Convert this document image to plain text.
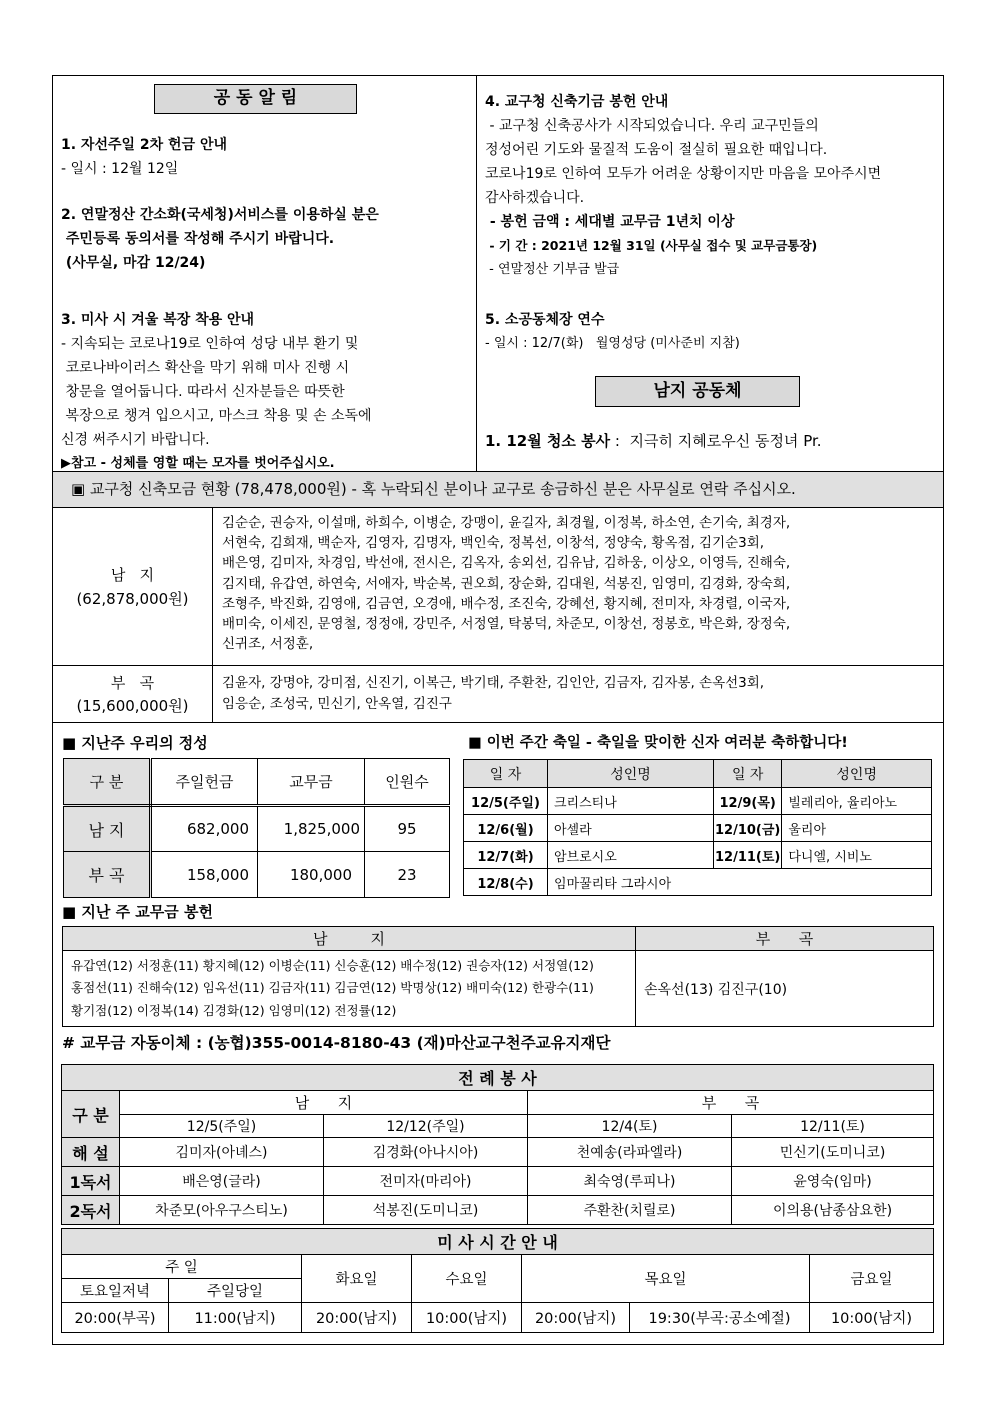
공 동 알 림
1. 자선주일 2차 헌금 안내
- 일시 : 12월 12일
2. 연말정산 간소화(국세청)서비스를 이용하실 분은
주민등록 동의서를 작성해 주시기 바랍니다.
(사무실, 마감 12/24)
3. 미사 시 겨울 복장 착용 안내
- 지속되는 코로나19로 인하여 성당 내부 환기 및
코로나바이러스 확산을 막기 위해 미사 진행 시
창문을 열어둡니다. 따라서 신자분들은 따뜻한
복장으로 챙겨 입으시고, 마스크 착용 및 손 소독에
신경 써주시기 바랍니다.
▶참고 - 성체를 영할 때는 모자를 벗어주십시오.
4. 교구청 신축기금 봉헌 안내
- 교구청 신축공사가 시작되었습니다. 우리 교구민들의
정성어린 기도와 물질적 도움이 절실히 필요한 때입니다.
코로나19로 인하여 모두가 어려운 상황이지만 마음을 모아주시면
감사하겠습니다.
- 봉헌 금액 : 세대별 교무금 1년치 이상
- 기 간 : 2021년 12월 31일 (사무실 접수 및 교무금통장)
- 연말정산 기부금 발급
5. 소공동체장 연수
- 일시 : 12/7(화)   월영성당 (미사준비 지참)
남지 공동체
1. 12월 청소 봉사 :  지극히 지혜로우신 동정녀 Pr.
▣ 교구청 신축모금 현황 (78,478,000원) - 혹 누락되신 분이나 교구로 송금하신 분은 사무실로 연락 주십시오.
남   지
(62,878,000원)
김순순, 권승자, 이설매, 하희수, 이병순, 강맹이, 윤길자, 최경월, 이정복, 하소연, 손기숙, 최경자,
서현숙, 김희재, 백순자, 김영자, 김명자, 백인숙, 정복선, 이창석, 정양숙, 황옥점, 김기순3회,
배은영, 김미자, 차경임, 박선애, 전시은, 김옥자, 송외선, 김유남, 김하웅, 이상오, 이영득, 진해숙,
김지태, 유갑연, 하연숙, 서애자, 박순복, 권오희, 장순화, 김대원, 석봉진, 임영미, 김경화, 장숙희,
조형주, 박진화, 김영애, 김금연, 오경애, 배수정, 조진숙, 강혜선, 황지혜, 전미자, 차경렬, 이국자,
배미숙, 이세진, 문영철, 정정애, 강민주, 서정열, 탁봉덕, 차준모, 이창선, 정봉호, 박은화, 장정숙,
신귀조, 서정훈,
부   곡
(15,600,000원)
김윤자, 강명야, 강미점, 신진기, 이복근, 박기태, 주환찬, 김인안, 김금자, 김자봉, 손옥선3회,
임응순, 조성국, 민신기, 안옥열, 김진구
■ 지난주 우리의 정성
구 분	주일헌금	교무금	인원수
남 지	682,000	1,825,000	95
부 곡	158,000	180,000	23
■ 이번 주간 축일 - 축일을 맞이한 신자 여러분 축하합니다!
일 자	성인명	일 자	성인명
12/5(주일)	크리스티나	12/9(목)	빌레리아, 율리아노
12/6(월)	아셀라	12/10(금)	울리아
12/7(화)	암브로시오	12/11(토)	다니엘, 시비노
12/8(수)	임마꿀리타 그라시아		
■ 지난 주 교무금 봉헌
남         지	부      곡

유갑연(12) 서정훈(11) 황지혜(12) 이병순(11) 신승훈(12) 배수정(12) 권승자(12) 서정열(12)
홍점선(11) 진해숙(12) 임옥선(11) 김금자(11) 김금연(12) 박명상(12) 배미숙(12) 한광수(11)
황기점(12) 이정복(14) 김경화(12) 임영미(12) 전정률(12)	손옥선(13) 김진구(10)
# 교무금 자동이체 : (농협)355-0014-8180-43 (재)마산교구천주교유지재단
전 례 봉 사				
구 분	남      지		부      곡	
	12/5(주일)	12/12(주일)	12/4(토)	12/11(토)
해 설	김미자(아녜스)	김경화(아나시아)	천예송(라파엘라)	민신기(도미니코)
1독서	배은영(글라)	전미자(마리아)	최숙영(루피나)	윤영숙(임마)
2독서	차준모(아우구스티노)	석봉진(도미니코)	주환찬(치릴로)	이의용(남종삼요한)
미 사 시 간 안 내						
주 일		화요일	수요일	목요일		금요일
토요일저녁	주일당일					
20:00(부곡)	11:00(남지)	20:00(남지)	10:00(남지)	20:00(남지)	19:30(부곡:공소예절)	10:00(남지)
